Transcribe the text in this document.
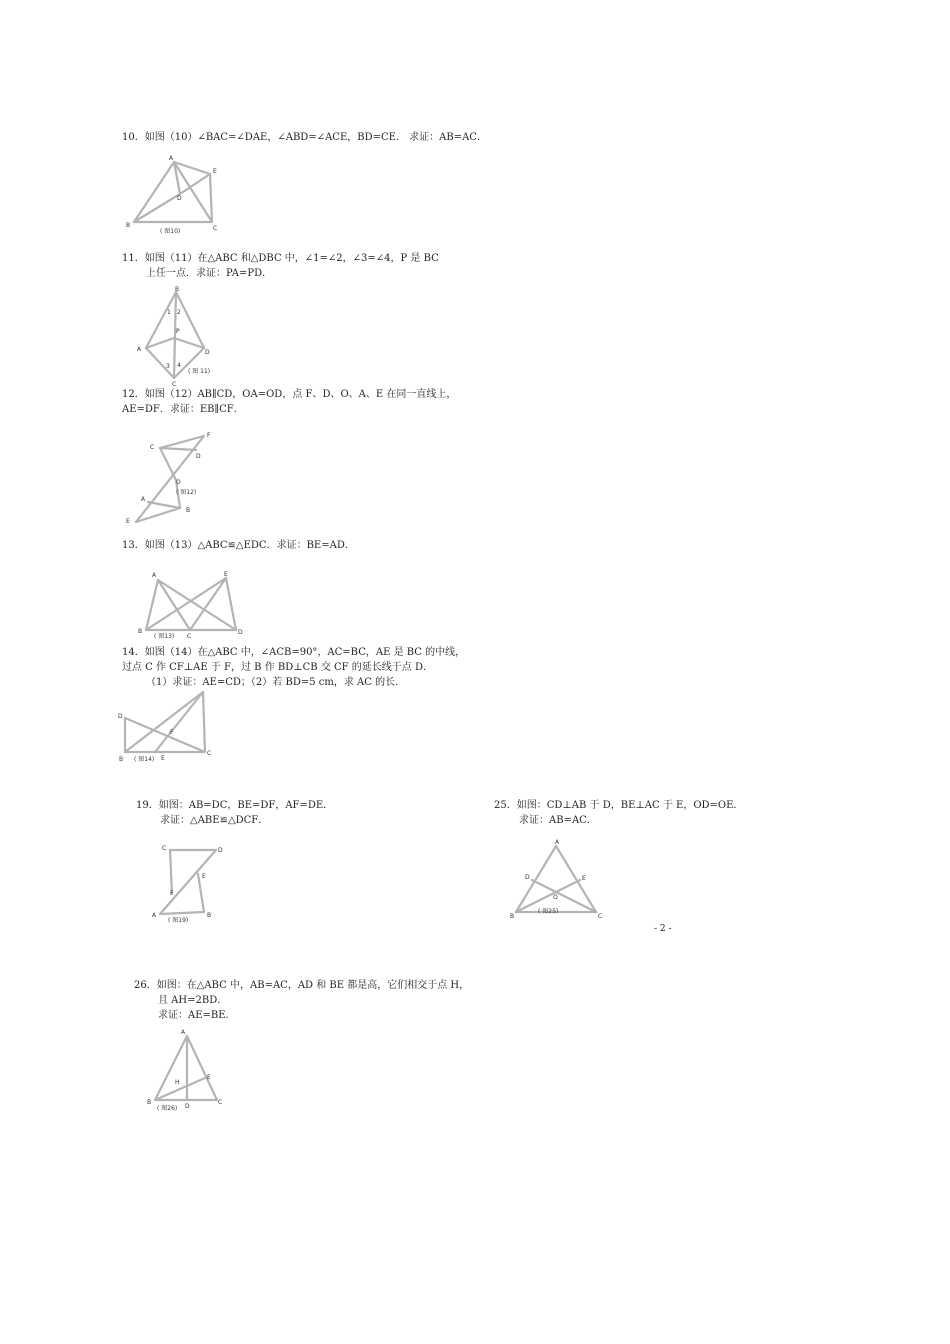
10．如图（10）∠BAC=∠DAE，∠ABD=∠ACE，BD=CE． 求证：AB=AC．
A
B	C
D
E
( 图10)
11．如图（11）在△ABC 和△DBC 中，∠1=∠2，∠3=∠4，P 是 BC
上任一点．求证：PA=PD．
B
A	D
C
P
1 2
3 4
( 图 11)
12．如图（12）AB∥CD，OA=OD，点 F、D、O、A、E 在同一直线上，
AE=DF．求证：EB∥CF．
C
F
D
O
A
B
E
( 图12)
13．如图（13）△ABC≌△EDC．求证：BE=AD．
A	E
B
C
D
( 图13)
14．如图（14）在△ABC 中，∠ACB=90°，AC=BC，AE 是 BC 的中线，
过点 C 作 CF⊥AE 于 F，过 B 作 BD⊥CB 交 CF 的延长线于点 D．
（1）求证：AE=CD；（2）若 BD=5 cm，求 AC 的长．
D
B	E
C
F
( 图14)
19．如图：AB=DC，BE=DF，AF=DE．
求证：△ABE≌△DCF．
C	D
E
F
A	B
( 图19)
25．如图：CD⊥AB 于 D，BE⊥AC 于 E，OD=OE．
求证：AB=AC．
A
D	E
O
B	C
( 图25)
- 2 -
26．如图：在△ABC 中，AB=AC，AD 和 BE 都是高，它们相交于点 H，
且 AH=2BD．
求证：AE=BE．
A
H
E
B
D
C
( 图26)
